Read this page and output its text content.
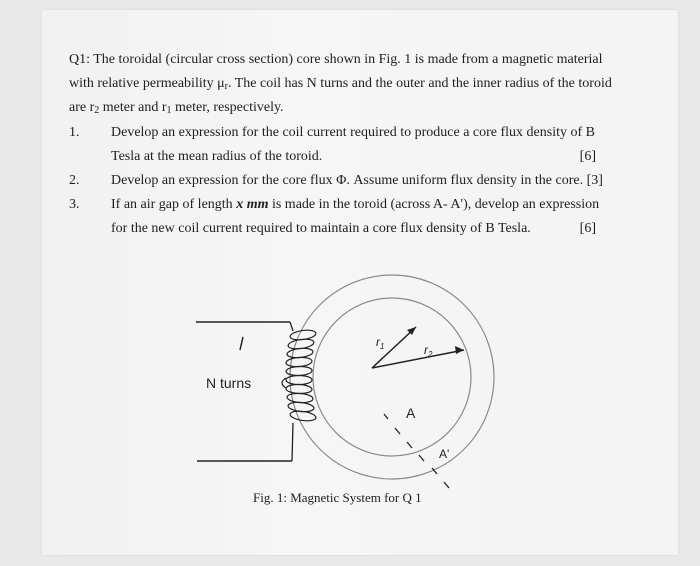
Q1: The toroidal (circular cross section) core shown in Fig. 1 is made from a magnetic material
with relative permeability $\mu_r$. The coil has N turns and the outer and the inner radius of the toroid
are $r_2$ meter and $r_1$ meter, respectively.
1. Develop an expression for the coil current required to produce a core flux density of B
Tesla at the mean radius of the toroid.	[6]
2. Develop an expression for the core flux Φ. Assume uniform flux density in the core. [3]
3. If an air gap of length x mm is made in the toroid (across A- A'), develop an expression
for the new coil current required to maintain a core flux density of B Tesla.	[6]
$r_1$	$r_2$
N turns
A
A'
Fig. 1: Magnetic System for Q 1
